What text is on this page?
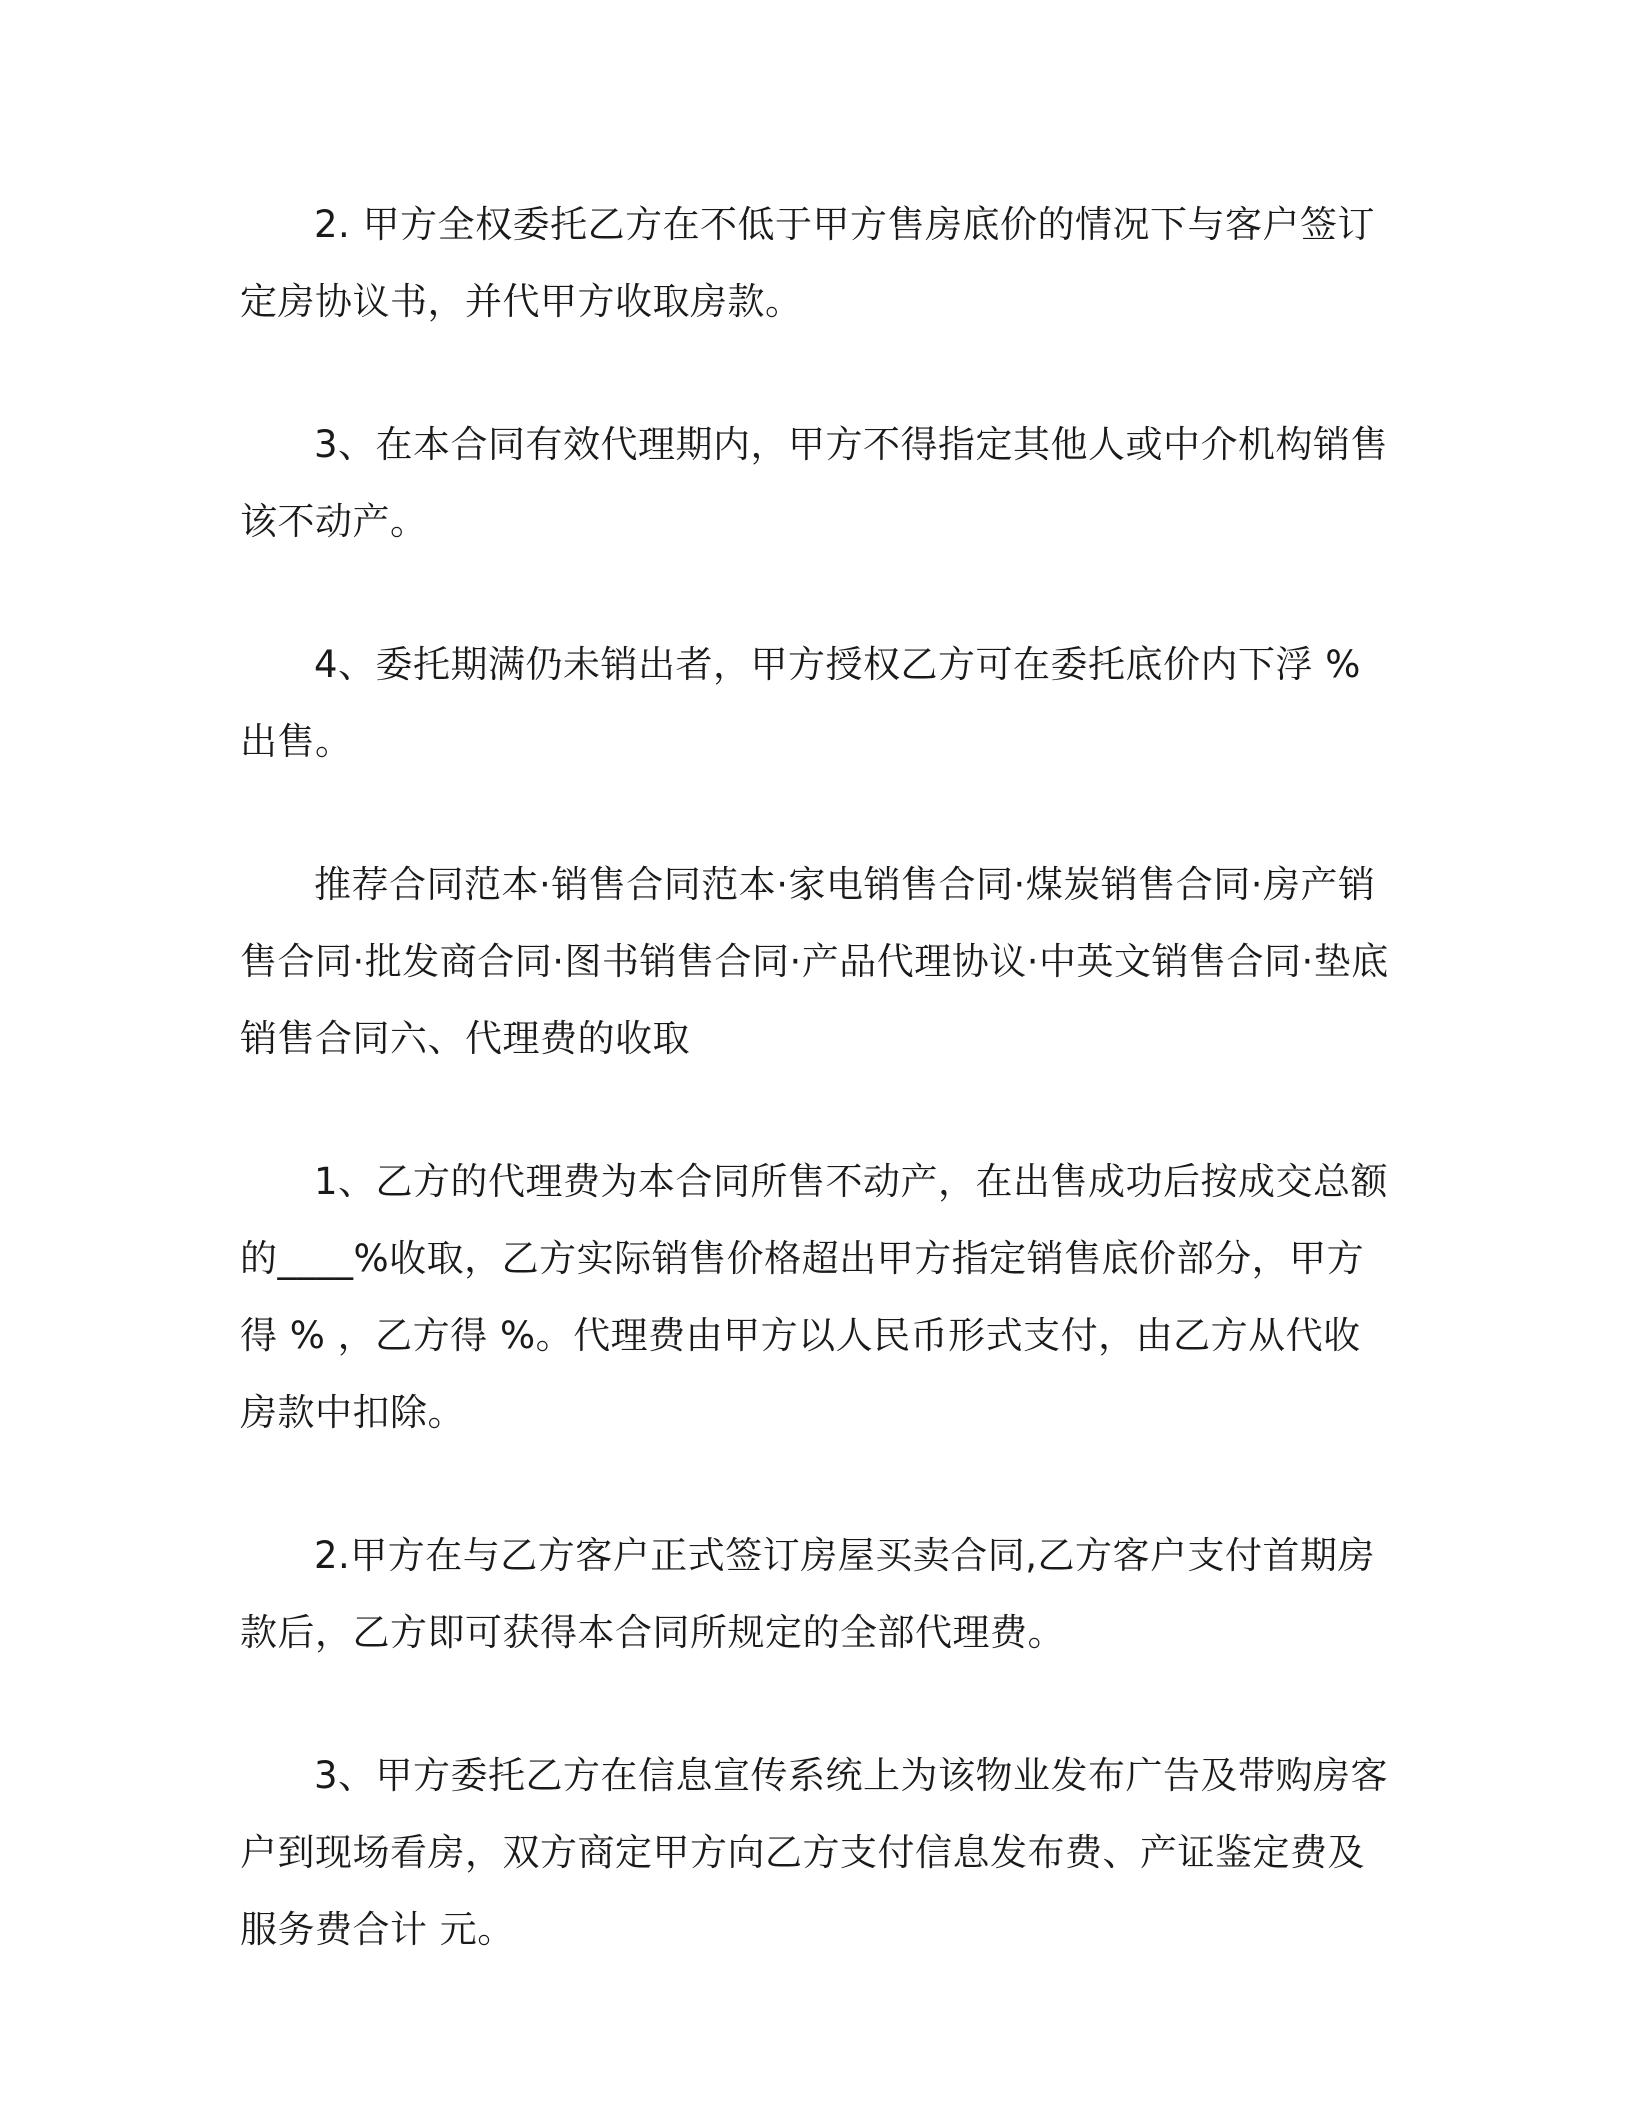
2. 甲方全权委托乙方在不低于甲方售房底价的情况下与客户签订定房协议书，并代甲方收取房款。

3、在本合同有效代理期内，甲方不得指定其他人或中介机构销售该不动产。

4、委托期满仍未销出者，甲方授权乙方可在委托底价内下浮 %出售。

推荐合同范本·销售合同范本·家电销售合同·煤炭销售合同·房产销售合同·批发商合同·图书销售合同·产品代理协议·中英文销售合同·垫底销售合同六、代理费的收取

1、乙方的代理费为本合同所售不动产，在出售成功后按成交总额的____%收取，乙方实际销售价格超出甲方指定销售底价部分，甲方得 % ，乙方得 %。代理费由甲方以人民币形式支付，由乙方从代收房款中扣除。

2.甲方在与乙方客户正式签订房屋买卖合同,乙方客户支付首期房款后，乙方即可获得本合同所规定的全部代理费。

3、甲方委托乙方在信息宣传系统上为该物业发布广告及带购房客户到现场看房，双方商定甲方向乙方支付信息发布费、产证鉴定费及服务费合计 元。
